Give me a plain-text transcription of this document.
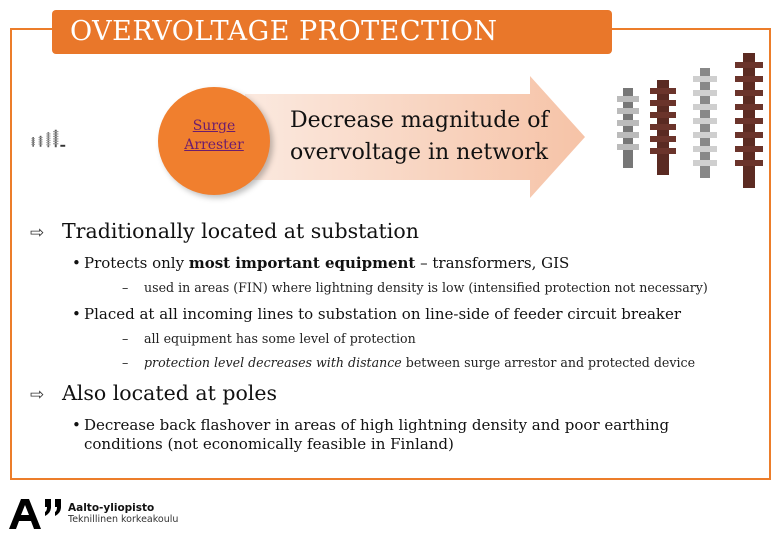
OVERVOLTAGE PROTECTION
Surge
Arrester
Decrease magnitude of
overvoltage in network
⇨ Traditionally located at substation
• Protects only most important equipment – transformers, GIS
– used in areas (FIN) where lightning density is low (intensified protection not necessary)
• Placed at all incoming lines to substation on line-side of feeder circuit breaker
– all equipment has some level of protection
– protection level decreases with distance between surge arrestor and protected device
⇨ Also located at poles
• Decrease back flashover in areas of high lightning density and poor earthing
conditions (not economically feasible in Finland)
Aalto-yliopisto
Teknillinen korkeakoulu
